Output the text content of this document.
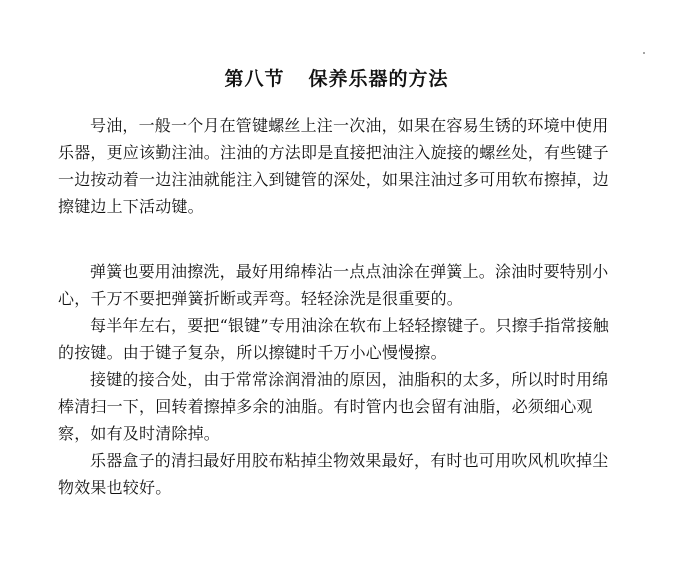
第八节 保养乐器的方法

号油，一般一个月在管键螺丝上注一次油，如果在容易生锈的环境中使用乐器，更应该勤注油。注油的方法即是直接把油注入旋接的螺丝处，有些键子一边按动着一边注油就能注入到键管的深处，如果注油过多可用软布擦掉，边擦键边上下活动键。

弹簧也要用油擦洗，最好用绵棒沾一点点油涂在弹簧上。涂油时要特别小心，千万不要把弹簧折断或弄弯。轻轻涂洗是很重要的。

每半年左右，要把“银键”专用油涂在软布上轻轻擦键子。只擦手指常接触的按键。由于键子复杂，所以擦键时千万小心慢慢擦。

接键的接合处，由于常常涂润滑油的原因，油脂积的太多，所以时时用绵棒清扫一下，回转着擦掉多余的油脂。有时管内也会留有油脂，必须细心观察，如有及时清除掉。

乐器盒子的清扫最好用胶布粘掉尘物效果最好，有时也可用吹风机吹掉尘物效果也较好。
